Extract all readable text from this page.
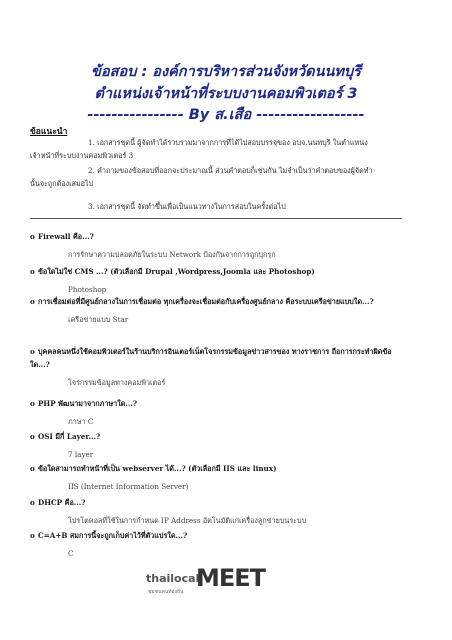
ข้อสอบ : องค์การบริหารส่วนจังหวัดนนทบุรี
ตำแหน่งเจ้าหน้าที่ระบบงานคอมพิวเตอร์ 3
---------------- By ส.เสือ ------------------
ข้อแนะนำ
1. เอกสารชุดนี้ ผู้จัดทำได้รวบรวมมาจากการที่ได้ไปสอบบรรจุของ อบจ.นนทบุรี ในตำแหน่ง
เจ้าหน้าที่ระบบงานคอมพิวเตอร์ 3
2. คำถามของข้อสอบที่ออกจะประมาณนี้ ส่วนคำตอบก็เช่นกัน ไม่จำเป็นว่าคำตอบของผู้จัดทำ
นั้นจะถูกต้องเสมอไป
3. เอกสารชุดนี้ จัดทำขึ้นเพื่อเป็นแนวทางในการสอบในครั้งต่อไป
o Firewall คือ...?
การรักษาความปลอดภัยในระบบ Network ป้องกันจากการถูกบุกรุก
o ข้อใดไม่ใช่ CMS ...? (ตัวเลือกมี Drupal ,Wordpress,Joomla และ Photoshop)
Photoshop
o การเชื่อมต่อที่มีศูนย์กลางในการเชื่อมต่อ ทุกเครื่องจะเชื่อมต่อกับเครื่องศูนย์กลาง คือระบบเครือข่ายแบบใด...?
เครือข่ายแบบ Star
o บุคคลคนหนึ่งใช้คอมพิวเตอร์ในร้านบริการอินเตอร์เน็ตโจรกรรมข้อมูลข่าวสารของ ทางราชการ ถือการกระทำผิดข้อใด...?
โจรกรรมข้อมูลทางคอมพิวเตอร์
o PHP พัฒนามาจากภาษาใด...?
ภาษา C
o OSI มีกี่ Layer...?
7 layer
o ข้อใดสามารถทำหน้าที่เป็น webserver ได้...? (ตัวเลือกมี IIS และ linux)
IIS (Internet Information Server)
o DHCP คือ...?
โปรโตคอลที่ใช้ในการกำหนด IP Address อัตโนมัติแก่เครื่องลูกข่ายบนระบบ
o C=A+B สมการนี้จะถูกเก็บค่าไว้ที่ตัวแปรใด...?
C
thailocal
MEET
ชุมชนคนท้องถิ่น
